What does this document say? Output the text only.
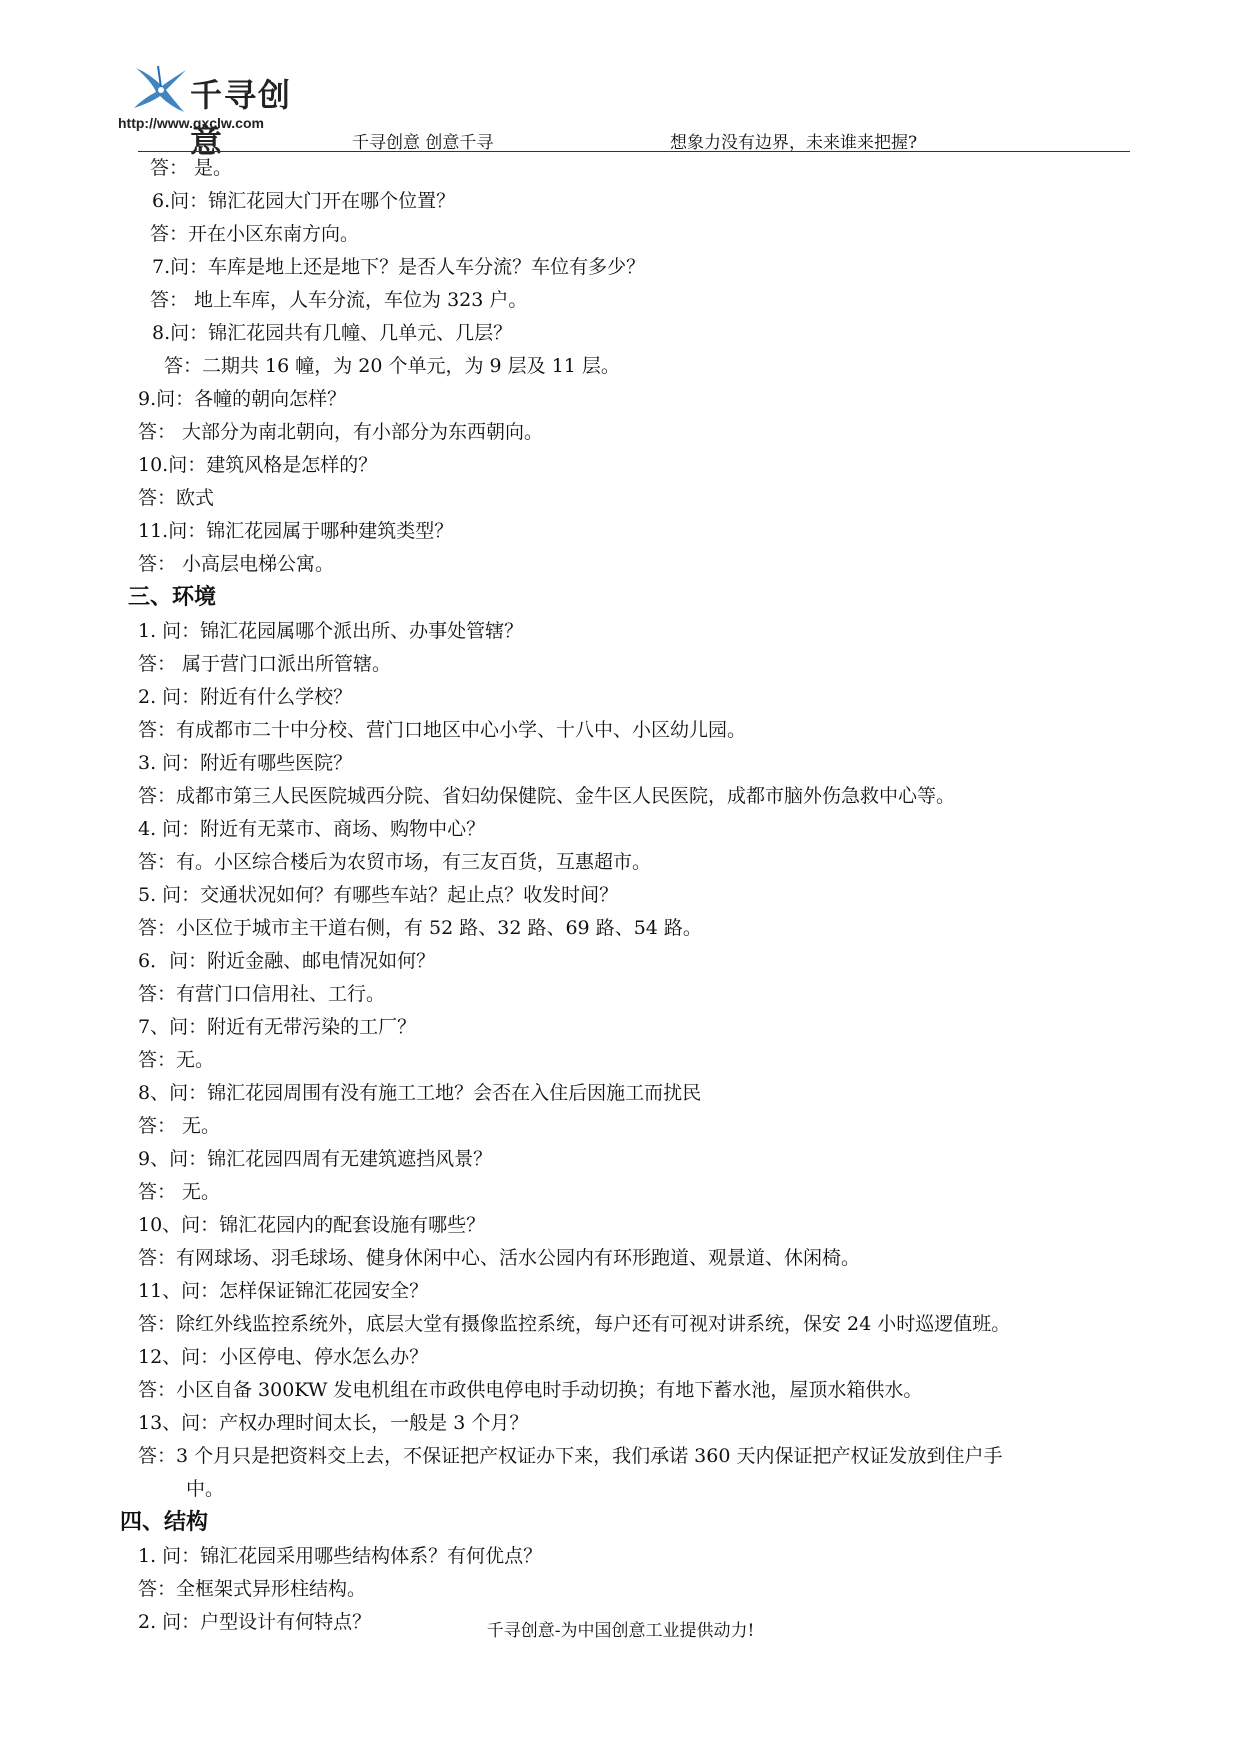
千寻创意
http://www.qxclw.com
千寻创意 创意千寻	想象力没有边界，未来谁来把握?
答： 是。
6.问：锦汇花园大门开在哪个位置？
答：开在小区东南方向。
7.问：车库是地上还是地下？是否人车分流？车位有多少？
答： 地上车库，人车分流，车位为 323 户。
8.问：锦汇花园共有几幢、几单元、几层？
答：二期共 16 幢，为 20 个单元，为 9 层及 11 层。
9.问：各幢的朝向怎样？
答： 大部分为南北朝向，有小部分为东西朝向。
10.问：建筑风格是怎样的？
答：欧式
11.问：锦汇花园属于哪种建筑类型？
答： 小高层电梯公寓。
三、环境
1. 问：锦汇花园属哪个派出所、办事处管辖？
答： 属于营门口派出所管辖。
2. 问：附近有什么学校？
答：有成都市二十中分校、营门口地区中心小学、十八中、小区幼儿园。
3. 问：附近有哪些医院？
答：成都市第三人民医院城西分院、省妇幼保健院、金牛区人民医院，成都市脑外伤急救中心等。
4. 问：附近有无菜市、商场、购物中心？
答：有。小区综合楼后为农贸市场，有三友百货，互惠超市。
5. 问：交通状况如何？有哪些车站？起止点？收发时间？
答：小区位于城市主干道右侧，有 52 路、32 路、69 路、54 路。
6．问：附近金融、邮电情况如何？
答：有营门口信用社、工行。
7、问：附近有无带污染的工厂？
答：无。
8、问：锦汇花园周围有没有施工工地？会否在入住后因施工而扰民
答： 无。
9、问：锦汇花园四周有无建筑遮挡风景？
答： 无。
10、问：锦汇花园内的配套设施有哪些？
答：有网球场、羽毛球场、健身休闲中心、活水公园内有环形跑道、观景道、休闲椅。
11、问：怎样保证锦汇花园安全？
答：除红外线监控系统外，底层大堂有摄像监控系统，每户还有可视对讲系统，保安 24 小时巡逻值班。
12、问：小区停电、停水怎么办？
答：小区自备 300KW 发电机组在市政供电停电时手动切换；有地下蓄水池，屋顶水箱供水。
13、问：产权办理时间太长，一般是 3 个月？
答：3 个月只是把资料交上去，不保证把产权证办下来，我们承诺 360 天内保证把产权证发放到住户手
中。
四、结构
1. 问：锦汇花园采用哪些结构体系？有何优点？
答：全框架式异形柱结构。
2. 问：户型设计有何特点？	千寻创意-为中国创意工业提供动力!
